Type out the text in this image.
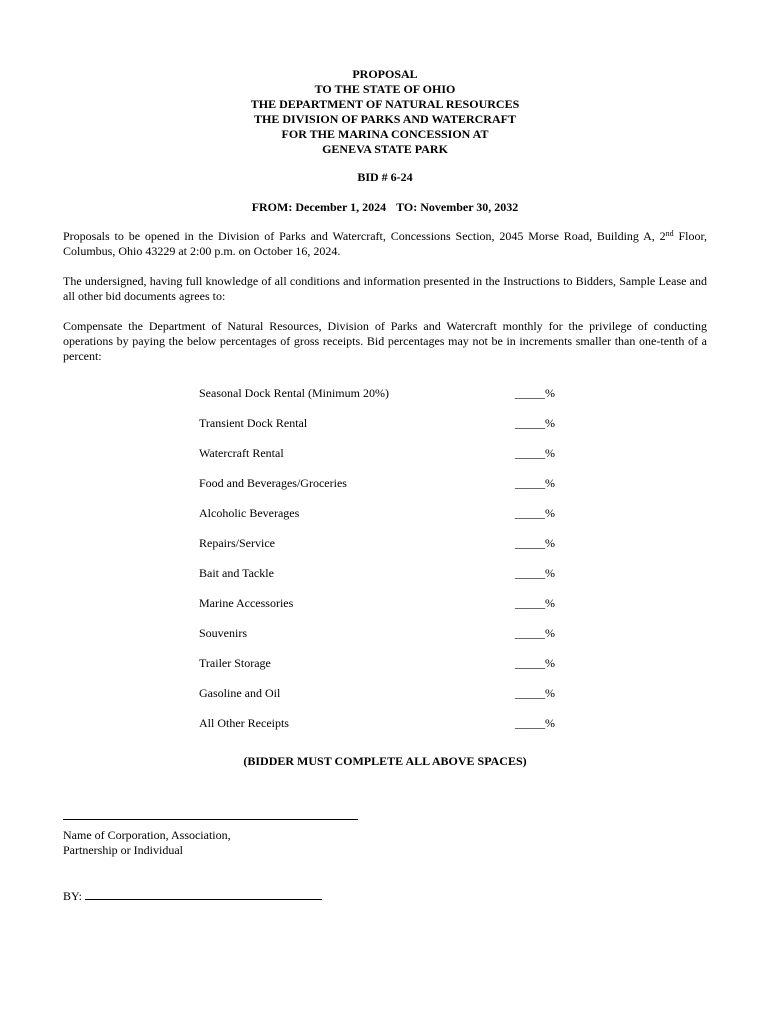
PROPOSAL
TO THE STATE OF OHIO
THE DEPARTMENT OF NATURAL RESOURCES
THE DIVISION OF PARKS AND WATERCRAFT
FOR THE MARINA CONCESSION AT
GENEVA STATE PARK
BID # 6-24
FROM: December 1, 2024 TO: November 30, 2032
Proposals to be opened in the Division of Parks and Watercraft, Concessions Section, 2045 Morse Road, Building A, 2nd Floor, Columbus, Ohio 43229 at 2:00 p.m. on October 16, 2024.
The undersigned, having full knowledge of all conditions and information presented in the Instructions to Bidders, Sample Lease and all other bid documents agrees to:
Compensate the Department of Natural Resources, Division of Parks and Watercraft monthly for the privilege of conducting operations by paying the below percentages of gross receipts. Bid percentages may not be in increments smaller than one-tenth of a percent:
Seasonal Dock Rental (Minimum 20%)	_____%
Transient Dock Rental	_____%
Watercraft Rental	_____%
Food and Beverages/Groceries	_____%
Alcoholic Beverages	_____%
Repairs/Service	_____%
Bait and Tackle	_____%
Marine Accessories	_____%
Souvenirs	_____%
Trailer Storage	_____%
Gasoline and Oil	_____%
All Other Receipts	_____%
(BIDDER MUST COMPLETE ALL ABOVE SPACES)
Name of Corporation, Association,
Partnership or Individual
BY:
